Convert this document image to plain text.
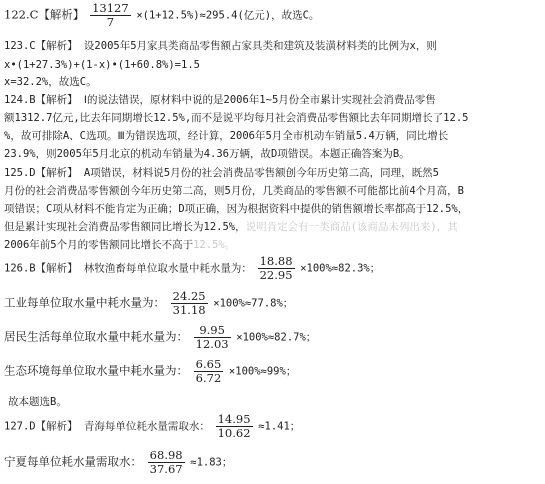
122.C【解析】 $\frac{13127}{7} \times(1+12.5\%)\approx 295.4$(亿元)，故选C。
123.C【解析】 设2005年5月家具类商品零售额占家具类和建筑及装潢材料类的比例为x，则
x•(1+27.3%)+(1-x)•(1+60.8%)=1.5
x=32.2%，故选C。
124.B【解析】 Ⅰ的说法错误，原材料中说的是2006年1~5月份全市累计实现社会消费品零售
额1312.7亿元,比去年同期增长12.5%,而不是说平均每月社会消费品零售额比去年同期增长了12.5
%，故可排除A、C选项。Ⅲ为错误选项，经计算，2006年5月全市机动车销量5.4万辆，同比增长
23.9%，则2005年5月北京的机动车销量为4.36万辆，故D项错误。本题正确答案为B。
125.D【解析】 A项错误，材料说5月份的社会消费品零售额创今年历史第二高，同理，既然5
月份的社会消费品零售额创今年历史第二高，则5月份，几类商品的零售额不可能都比前4个月高，B
项错误；C项从材料不能肯定为正确；D项正确，因为根据资料中提供的销售额增长率都高于12.5%，
但是累计实现社会消费品零售额同比增长为12.5%，说明肯定会有一类商品(该商品未列出来)，其
2006年前5个月的零售额同比增长不高于12.5%。
126.B【解析】 林牧渔畜每单位取水量中耗水量为： $\frac{18.88}{22.95} \times 100\%\approx 82.3\%$；
工业每单位取水量中耗水量为： $\frac{24.25}{31.18} \times 100\%\approx 77.8\%$；
居民生活每单位取水量中耗水量为： $\frac{9.95}{12.03} \times 100\%\approx 82.7\%$；
生态环境每单位取水量中耗水量为： $\frac{6.65}{6.72} \times 100\%\approx 99\%$；
故本题选B。
127.D【解析】 青海每单位耗水量需取水： $\frac{14.95}{10.62} \approx 1.41$；
宁夏每单位耗水量需取水： $\frac{68.98}{37.67} \approx 1.83$；
